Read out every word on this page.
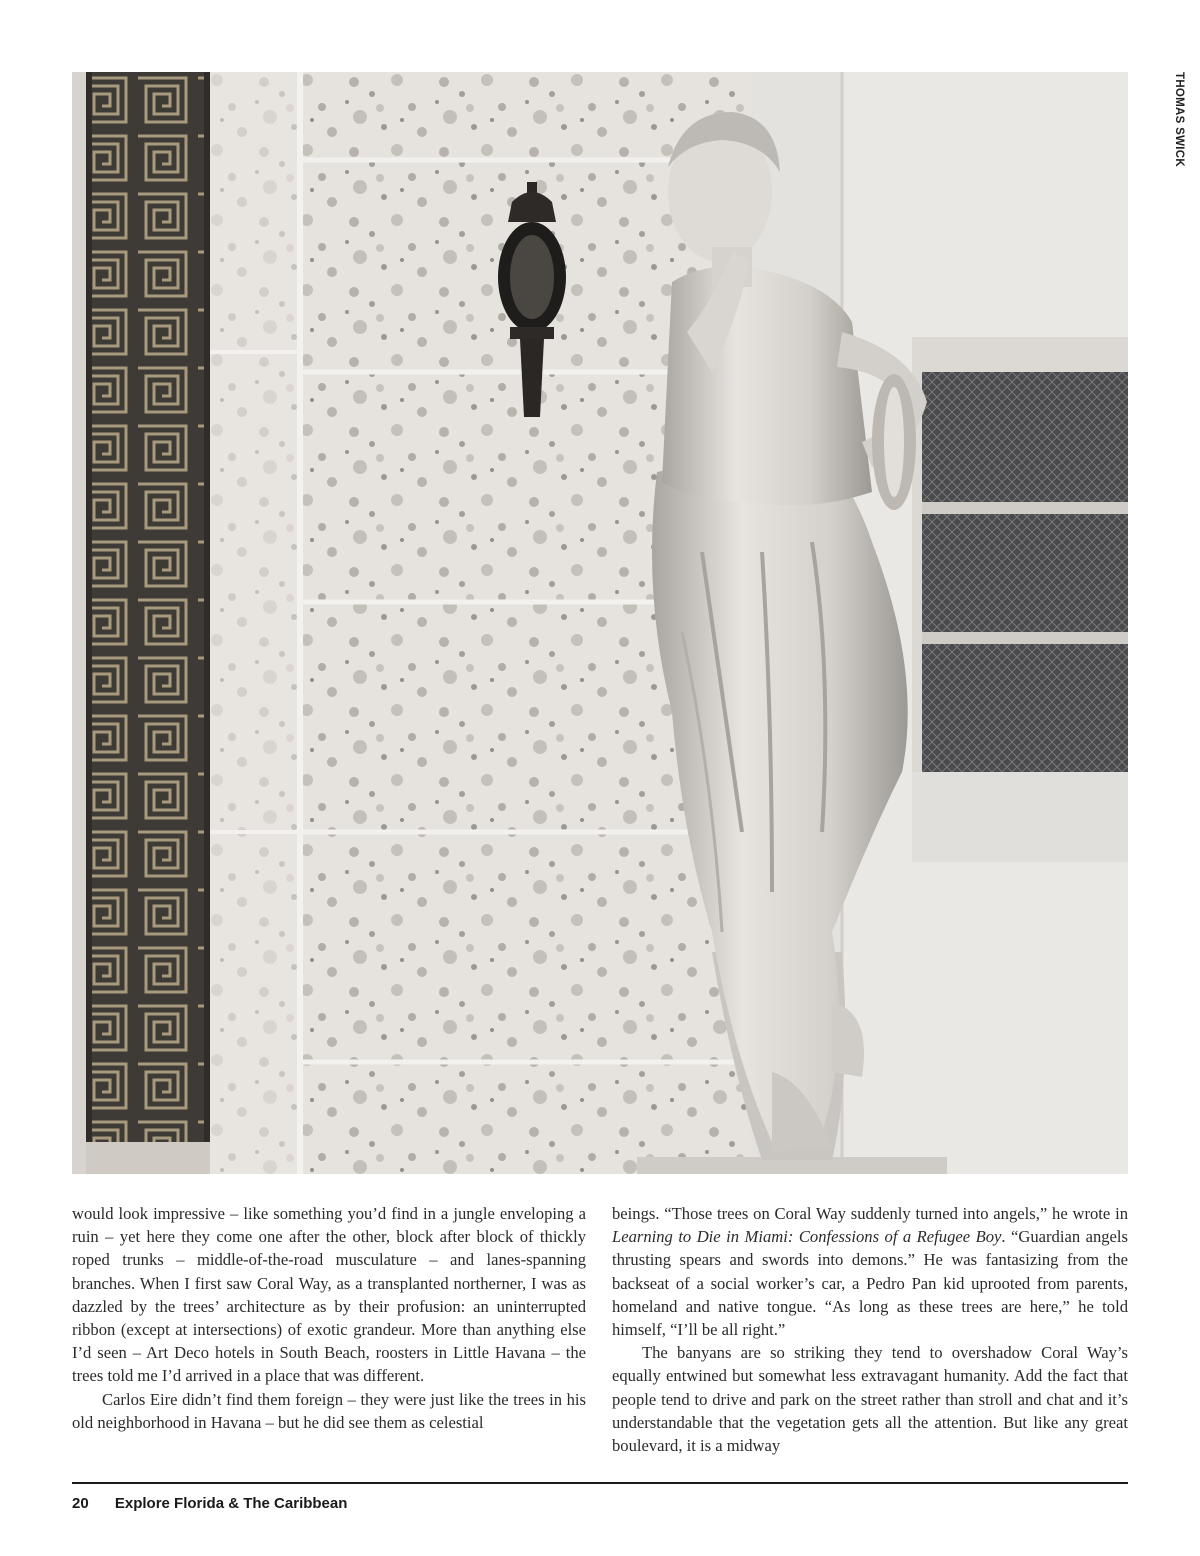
THOMAS SWICK

would look impressive – like something you’d find in a jungle enveloping a ruin – yet here they come one after the other, block after block of thickly roped trunks – middle-of-the-road musculature – and lanes-spanning branches. When I first saw Coral Way, as a transplanted northerner, I was as dazzled by the trees’ architecture as by their profusion: an uninterrupted ribbon (except at intersections) of exotic grandeur. More than anything else I’d seen – Art Deco hotels in South Beach, roosters in Little Havana – the trees told me I’d arrived in a place that was different.

Carlos Eire didn’t find them foreign – they were just like the trees in his old neighborhood in Havana – but he did see them as celestial

beings. “Those trees on Coral Way suddenly turned into angels,” he wrote in Learning to Die in Miami: Confessions of a Refugee Boy. “Guardian angels thrusting spears and swords into demons.” He was fantasizing from the backseat of a social worker’s car, a Pedro Pan kid uprooted from parents, homeland and native tongue. “As long as these trees are here,” he told himself, “I’ll be all right.”

The banyans are so striking they tend to overshadow Coral Way’s equally entwined but somewhat less extravagant humanity. Add the fact that people tend to drive and park on the street rather than stroll and chat and it’s understandable that the vegetation gets all the attention. But like any great boulevard, it is a midway

20 Explore Florida & The Caribbean
